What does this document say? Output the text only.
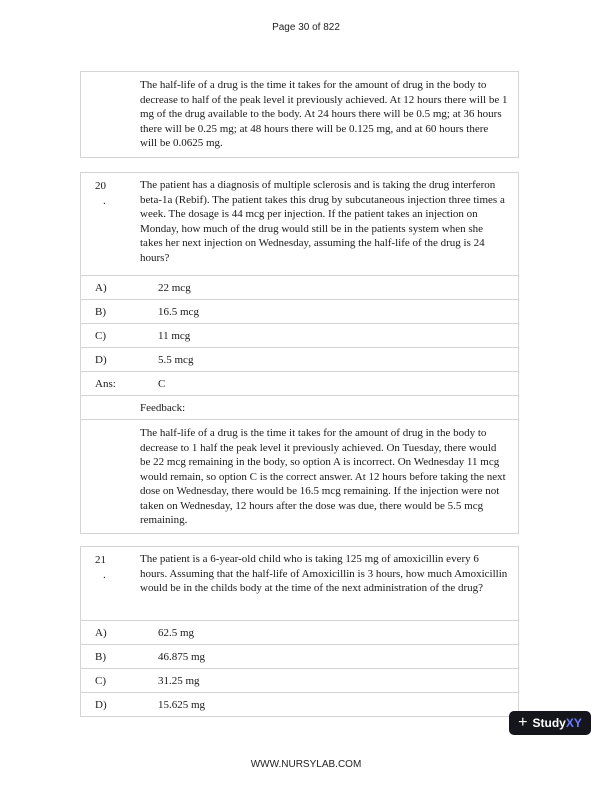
Page 30 of 822
The half-life of a drug is the time it takes for the amount of drug in the body to decrease to half of the peak level it previously achieved. At 12 hours there will be 1 mg of the drug available to the body. At 24 hours there will be 0.5 mg; at 36 hours there will be 0.25 mg; at 48 hours there will be 0.125 mg, and at 60 hours there will be 0.0625 mg.
20
.
The patient has a diagnosis of multiple sclerosis and is taking the drug interferon beta-1a (Rebif). The patient takes this drug by subcutaneous injection three times a week. The dosage is 44 mcg per injection. If the patient takes an injection on Monday, how much of the drug would still be in the patients system when she takes her next injection on Wednesday, assuming the half-life of the drug is 24 hours?
A)	22 mcg
B)	16.5 mcg
C)	11 mcg
D)	5.5 mcg
Ans:	C
Feedback:
The half-life of a drug is the time it takes for the amount of drug in the body to decrease to 1 half the peak level it previously achieved. On Tuesday, there would be 22 mcg remaining in the body, so option A is incorrect. On Wednesday 11 mcg would remain, so option C is the correct answer. At 12 hours before taking the next dose on Wednesday, there would be 16.5 mcg remaining. If the injection were not taken on Wednesday, 12 hours after the dose was due, there would be 5.5 mcg remaining.
21
.
The patient is a 6-year-old child who is taking 125 mg of amoxicillin every 6 hours. Assuming that the half-life of Amoxicillin is 3 hours, how much Amoxicillin would be in the childs body at the time of the next administration of the drug?
A)	62.5 mg
B)	46.875 mg
C)	31.25 mg
D)	15.625 mg
+ StudyXY
WWW.NURSYLAB.COM
